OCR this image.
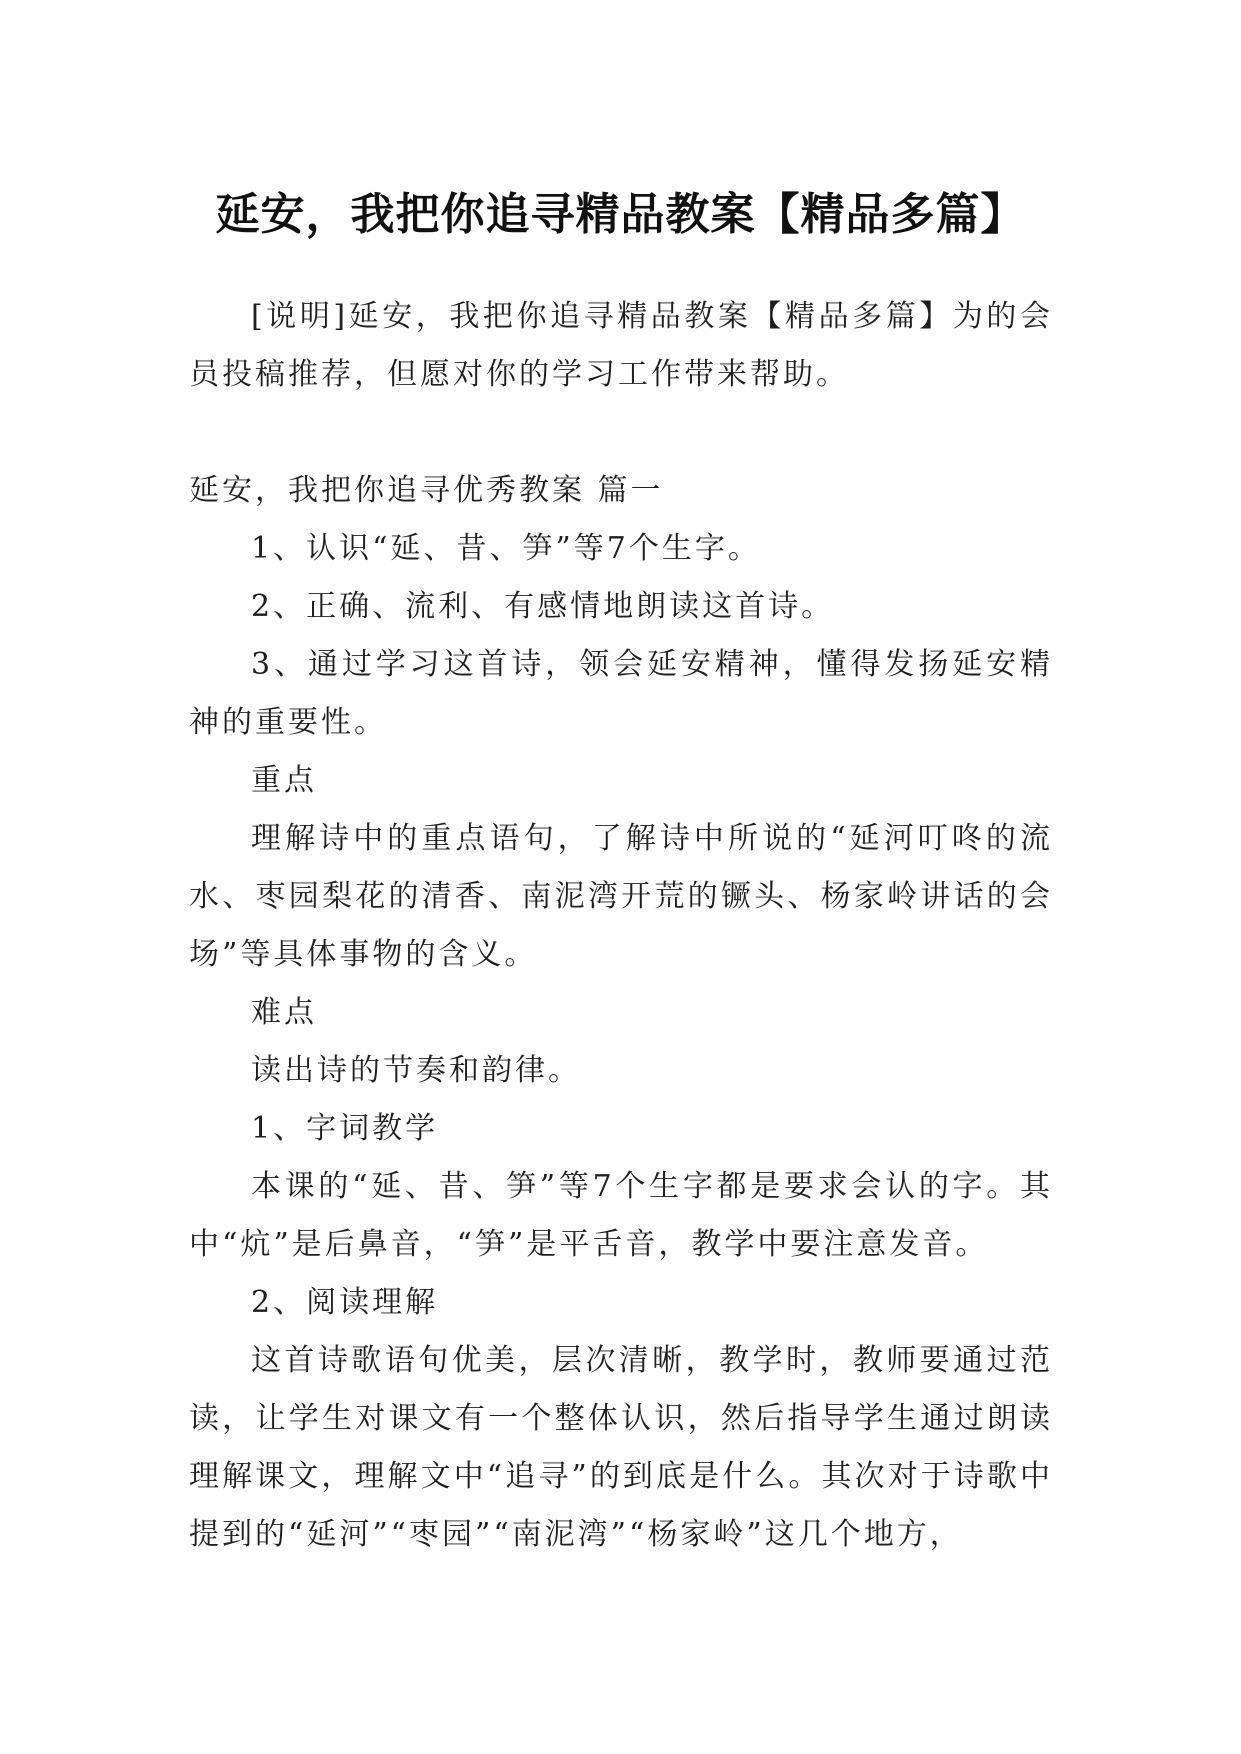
延安，我把你追寻精品教案【精品多篇】

[说明]延安，我把你追寻精品教案【精品多篇】为的会员投稿推荐，但愿对你的学习工作带来帮助。

延安，我把你追寻优秀教案 篇一

1、认识“延、昔、笋”等7个生字。

2、正确、流利、有感情地朗读这首诗。

3、通过学习这首诗，领会延安精神，懂得发扬延安精神的重要性。

重点

理解诗中的重点语句，了解诗中所说的“延河叮咚的流水、枣园梨花的清香、南泥湾开荒的镢头、杨家岭讲话的会场”等具体事物的含义。

难点

读出诗的节奏和韵律。

1、字词教学

本课的“延、昔、笋”等7个生字都是要求会认的字。其中“炕”是后鼻音，“笋”是平舌音，教学中要注意发音。

2、阅读理解

这首诗歌语句优美，层次清晰，教学时，教师要通过范读，让学生对课文有一个整体认识，然后指导学生通过朗读理解课文，理解文中“追寻”的到底是什么。其次对于诗歌中提到的“延河”“枣园”“南泥湾”“杨家岭”这几个地方，
